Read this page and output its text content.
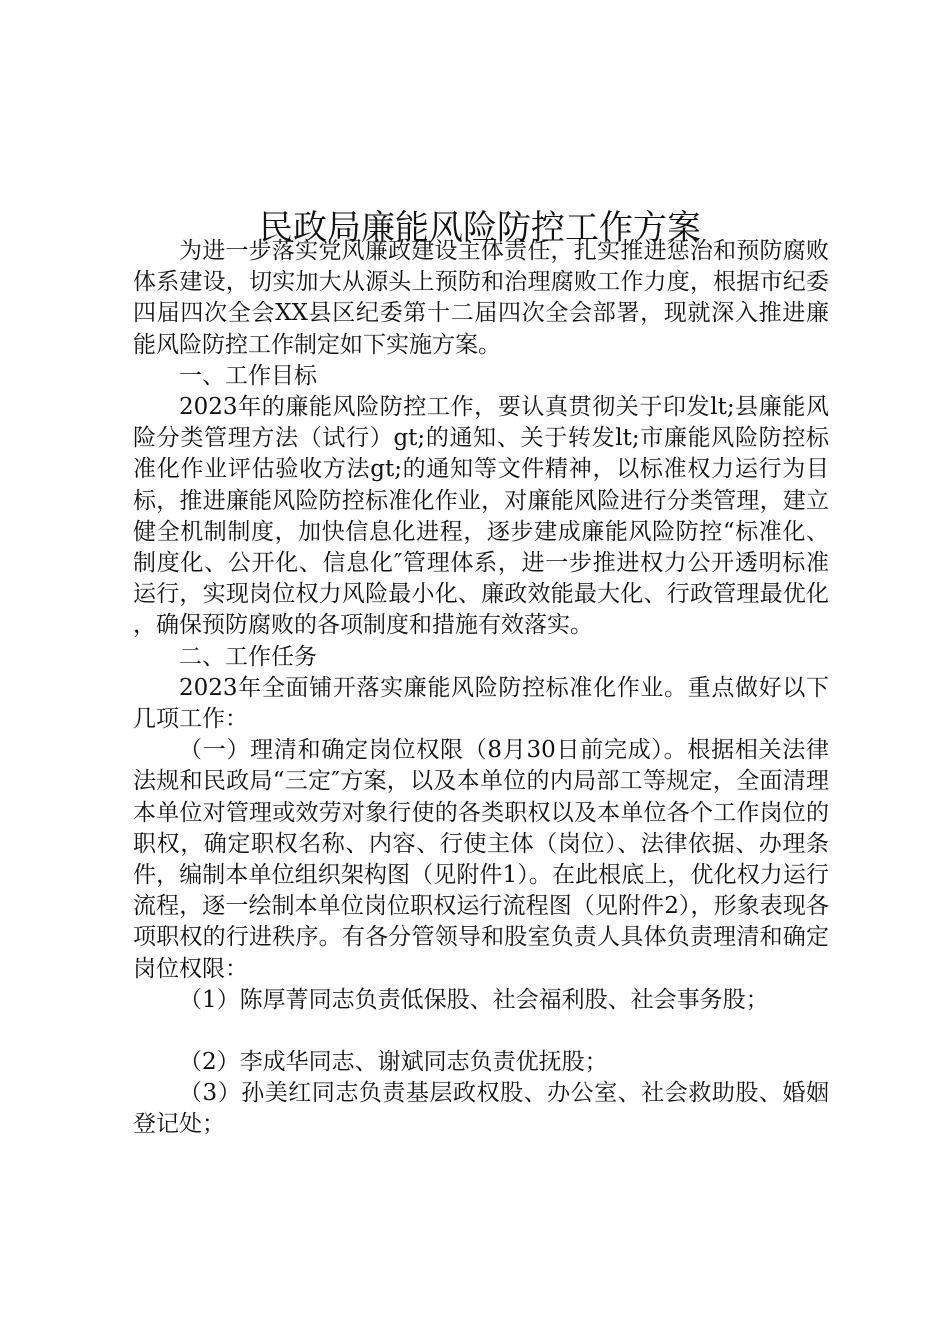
民政局廉能风险防控工作方案

为进一步落实党风廉政建设主体责任，扎实推进惩治和预防腐败体系建设，切实加大从源头上预防和治理腐败工作力度，根据市纪委四届四次全会XX县区纪委第十二届四次全会部署，现就深入推进廉能风险防控工作制定如下实施方案。

一、工作目标

2023年的廉能风险防控工作，要认真贯彻关于印发lt;县廉能风险分类管理方法（试行）gt;的通知、关于转发lt;市廉能风险防控标准化作业评估验收方法gt;的通知等文件精神，以标准权力运行为目标，推进廉能风险防控标准化作业，对廉能风险进行分类管理，建立健全机制制度，加快信息化进程，逐步建成廉能风险防控“标准化、制度化、公开化、信息化″管理体系，进一步推进权力公开透明标准运行，实现岗位权力风险最小化、廉政效能最大化、行政管理最优化，确保预防腐败的各项制度和措施有效落实。

二、工作任务

2023年全面铺开落实廉能风险防控标准化作业。重点做好以下几项工作：

（一）理清和确定岗位权限（8月30日前完成）。根据相关法律法规和民政局“三定″方案，以及本单位的内局部工等规定，全面清理本单位对管理或效劳对象行使的各类职权以及本单位各个工作岗位的职权，确定职权名称、内容、行使主体（岗位）、法律依据、办理条件，编制本单位组织架构图（见附件1）。在此根底上，优化权力运行流程，逐一绘制本单位岗位职权运行流程图（见附件2），形象表现各项职权的行进秩序。有各分管领导和股室负责人具体负责理清和确定岗位权限：

（1）陈厚菁同志负责低保股、社会福利股、社会事务股；

（2）李成华同志、谢斌同志负责优抚股；

（3）孙美红同志负责基层政权股、办公室、社会救助股、婚姻登记处；
